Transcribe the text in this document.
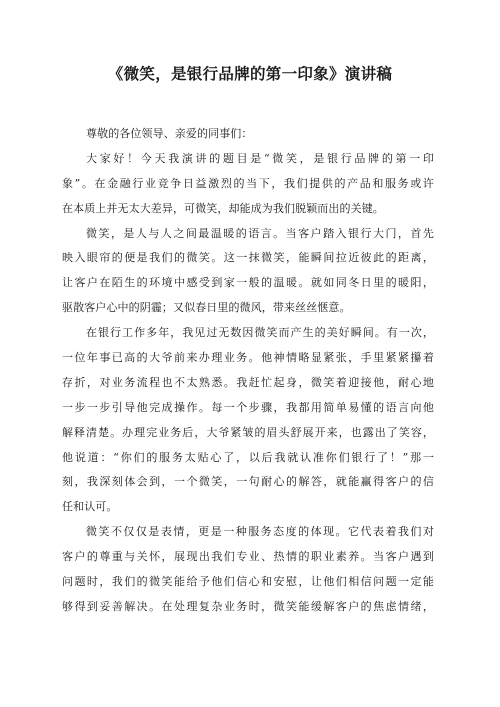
《微笑，是银行品牌的第一印象》演讲稿
尊敬的各位领导、亲爱的同事们：
大家好！今天我演讲的题目是“微笑，是银行品牌的第一印
象”。在金融行业竞争日益激烈的当下，我们提供的产品和服务或许
在本质上并无太大差异，可微笑，却能成为我们脱颖而出的关键。
微笑，是人与人之间最温暖的语言。当客户踏入银行大门，首先
映入眼帘的便是我们的微笑。这一抹微笑，能瞬间拉近彼此的距离，
让客户在陌生的环境中感受到家一般的温暖。就如同冬日里的暖阳，
驱散客户心中的阴霾；又似春日里的微风，带来丝丝惬意。
在银行工作多年，我见过无数因微笑而产生的美好瞬间。有一次，
一位年事已高的大爷前来办理业务。他神情略显紧张，手里紧紧攥着
存折，对业务流程也不太熟悉。我赶忙起身，微笑着迎接他，耐心地
一步一步引导他完成操作。每一个步骤，我都用简单易懂的语言向他
解释清楚。办理完业务后，大爷紧皱的眉头舒展开来，也露出了笑容，
他说道：“你们的服务太贴心了，以后我就认准你们银行了！”那一
刻，我深刻体会到，一个微笑，一句耐心的解答，就能赢得客户的信
任和认可。
微笑不仅仅是表情，更是一种服务态度的体现。它代表着我们对
客户的尊重与关怀，展现出我们专业、热情的职业素养。当客户遇到
问题时，我们的微笑能给予他们信心和安慰，让他们相信问题一定能
够得到妥善解决。在处理复杂业务时，微笑能缓解客户的焦虑情绪，
